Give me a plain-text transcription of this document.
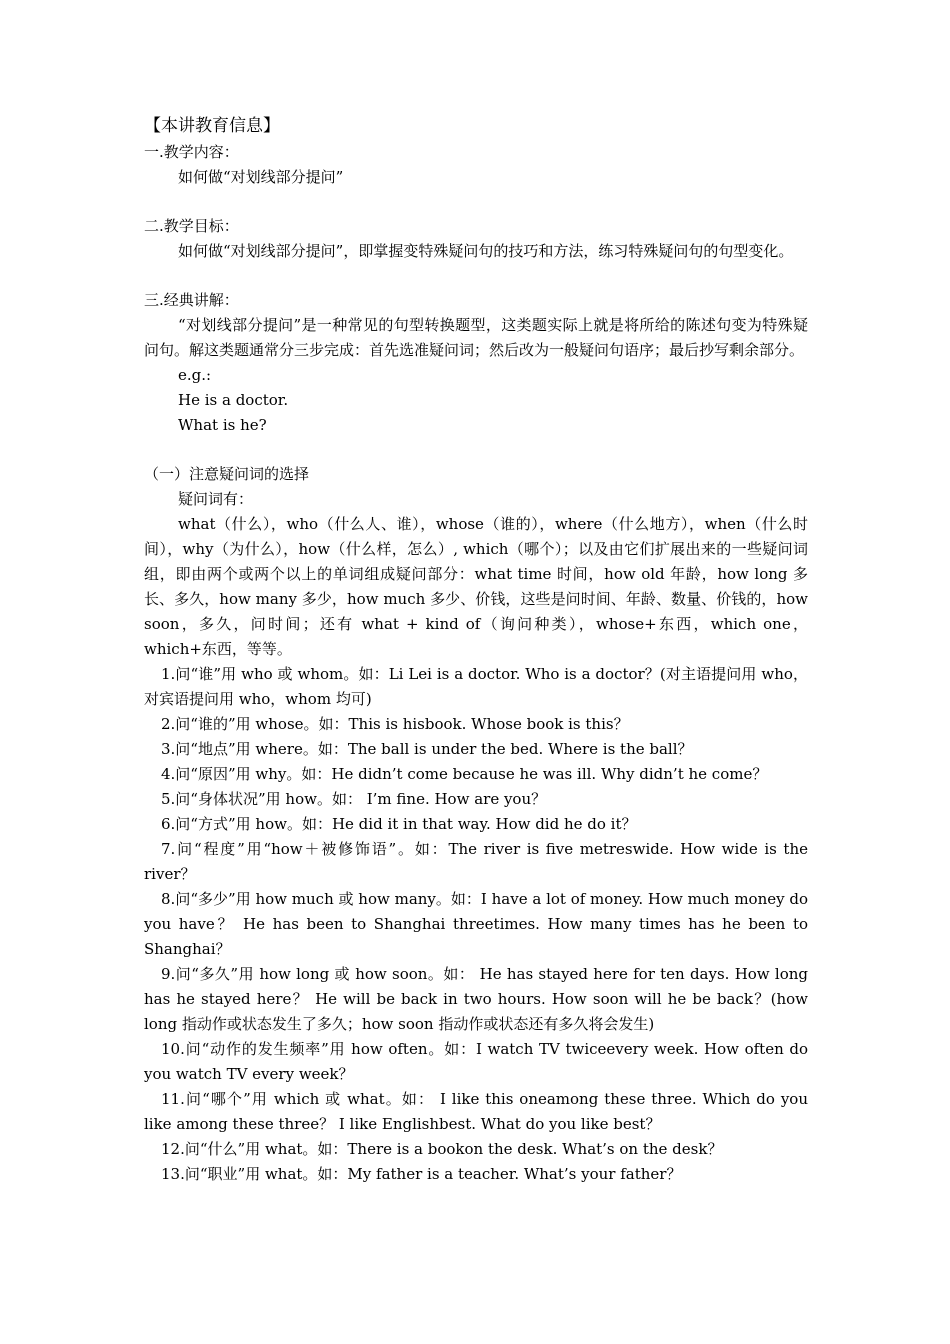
【本讲教育信息】

一.教学内容：

如何做“对划线部分提问”

二.教学目标：

如何做“对划线部分提问”，即掌握变特殊疑问句的技巧和方法，练习特殊疑问句的句型变化。

三.经典讲解：

“对划线部分提问”是一种常见的句型转换题型，这类题实际上就是将所给的陈述句变为特殊疑问句。解这类题通常分三步完成：首先选准疑问词；然后改为一般疑问句语序；最后抄写剩余部分。

e.g.:

He is a doctor.

What is he?

（一）注意疑问词的选择

疑问词有：

what（什么），who（什么人、谁），whose（谁的），where（什么地方），when（什么时间），why（为什么），how（什么样，怎么）, which（哪个）；以及由它们扩展出来的一些疑问词组，即由两个或两个以上的单词组成疑问部分：what time 时间，how old 年龄，how long 多长、多久，how many 多少，how much 多少、价钱，这些是问时间、年龄、数量、价钱的，how soon，多久，问时间；还有 what + kind of（询问种类），whose+东西，which one，which+东西，等等。

1.问“谁”用 who 或 whom。如：Li Lei is a doctor. Who is a doctor？(对主语提问用 who，对宾语提问用 who，whom 均可)

2.问“谁的”用 whose。如：This is hisbook. Whose book is this？

3.问“地点”用 where。如：The ball is under the bed. Where is the ball？

4.问“原因”用 why。如：He didn’t come because he was ill. Why didn’t he come？

5.问“身体状况”用 how。如： I’m fine. How are you？

6.问“方式”用 how。如：He did it in that way. How did he do it？

7.问“程度”用“how＋被修饰语”。如：The river is five metreswide. How wide is the river？

8.问“多少”用 how much 或 how many。如：I have a lot of money. How much money do you have？ He has been to Shanghai threetimes. How many times has he been to Shanghai？

9.问“多久”用 how long 或 how soon。如： He has stayed here for ten days. How long has he stayed here？ He will be back in two hours. How soon will he be back？(how long 指动作或状态发生了多久；how soon 指动作或状态还有多久将会发生)

10.问“动作的发生频率”用 how often。如：I watch TV twiceevery week. How often do you watch TV every week？

11.问“哪个”用 which 或 what。如： I like this oneamong these three. Which do you like among these three？ I like Englishbest. What do you like best？

12.问“什么”用 what。如：There is a bookon the desk. What’s on the desk？

13.问“职业”用 what。如：My father is a teacher. What’s your father？
